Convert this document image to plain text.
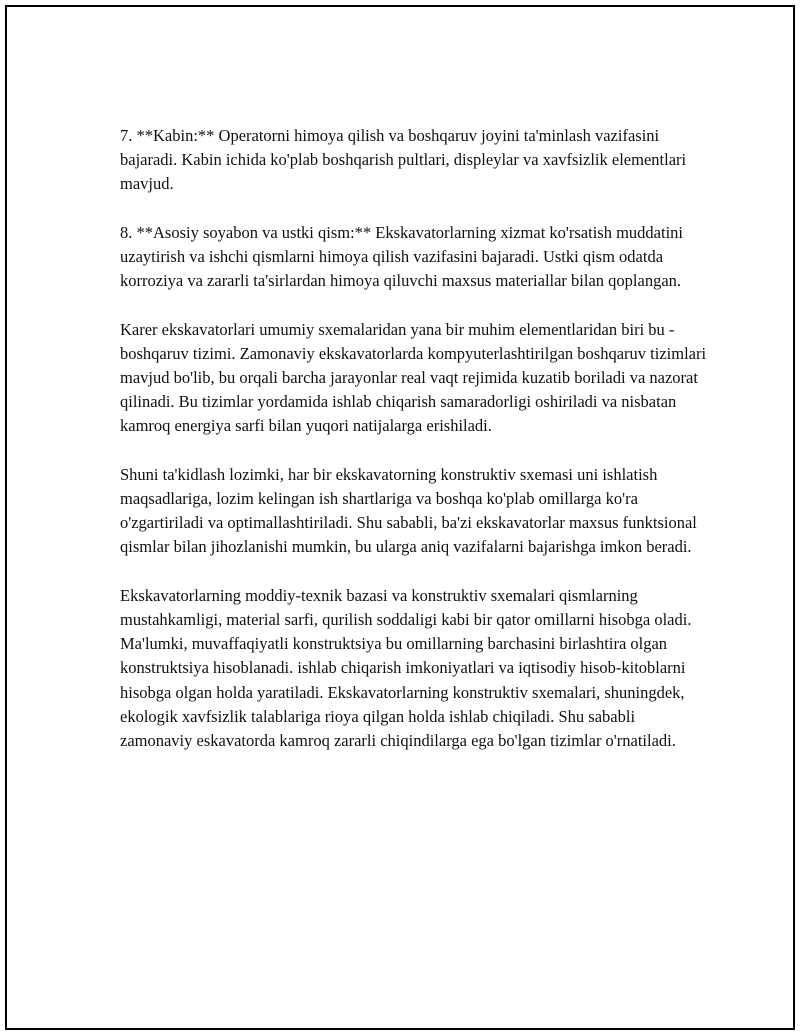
7. **Kabin:** Operatorni himoya qilish va boshqaruv joyini ta'minlash vazifasini bajaradi. Kabin ichida ko'plab boshqarish pultlari, displeylar va xavfsizlik elementlari mavjud.

8. **Asosiy soyabon va ustki qism:** Ekskavatorlarning xizmat ko'rsatish muddatini uzaytirish va ishchi qismlarni himoya qilish vazifasini bajaradi. Ustki qism odatda korroziya va zararli ta'sirlardan himoya qiluvchi maxsus materiallar bilan qoplangan.

Karer ekskavatorlari umumiy sxemalaridan yana bir muhim elementlaridan biri bu - boshqaruv tizimi. Zamonaviy ekskavatorlarda kompyuterlashtirilgan boshqaruv tizimlari mavjud bo'lib, bu orqali barcha jarayonlar real vaqt rejimida kuzatib boriladi va nazorat qilinadi. Bu tizimlar yordamida ishlab chiqarish samaradorligi oshiriladi va nisbatan kamroq energiya sarfi bilan yuqori natijalarga erishiladi.

Shuni ta'kidlash lozimki, har bir ekskavatorning konstruktiv sxemasi uni ishlatish maqsadlariga, lozim kelingan ish shartlariga va boshqa ko'plab omillarga ko'ra o'zgartiriladi va optimallashtiriladi. Shu sababli, ba'zi ekskavatorlar maxsus funktsional qismlar bilan jihozlanishi mumkin, bu ularga aniq vazifalarni bajarishga imkon beradi.

Ekskavatorlarning moddiy-texnik bazasi va konstruktiv sxemalari qismlarning mustahkamligi, material sarfi, qurilish soddaligi kabi bir qator omillarni hisobga oladi. Ma'lumki, muvaffaqiyatli konstruktsiya bu omillarning barchasini birlashtira olgan konstruktsiya hisoblanadi. ishlab chiqarish imkoniyatlari va iqtisodiy hisob-kitoblarni hisobga olgan holda yaratiladi. Ekskavatorlarning konstruktiv sxemalari, shuningdek, ekologik xavfsizlik talablariga rioya qilgan holda ishlab chiqiladi. Shu sababli zamonaviy eskavatorda kamroq zararli chiqindilarga ega bo'lgan tizimlar o'rnatiladi.
